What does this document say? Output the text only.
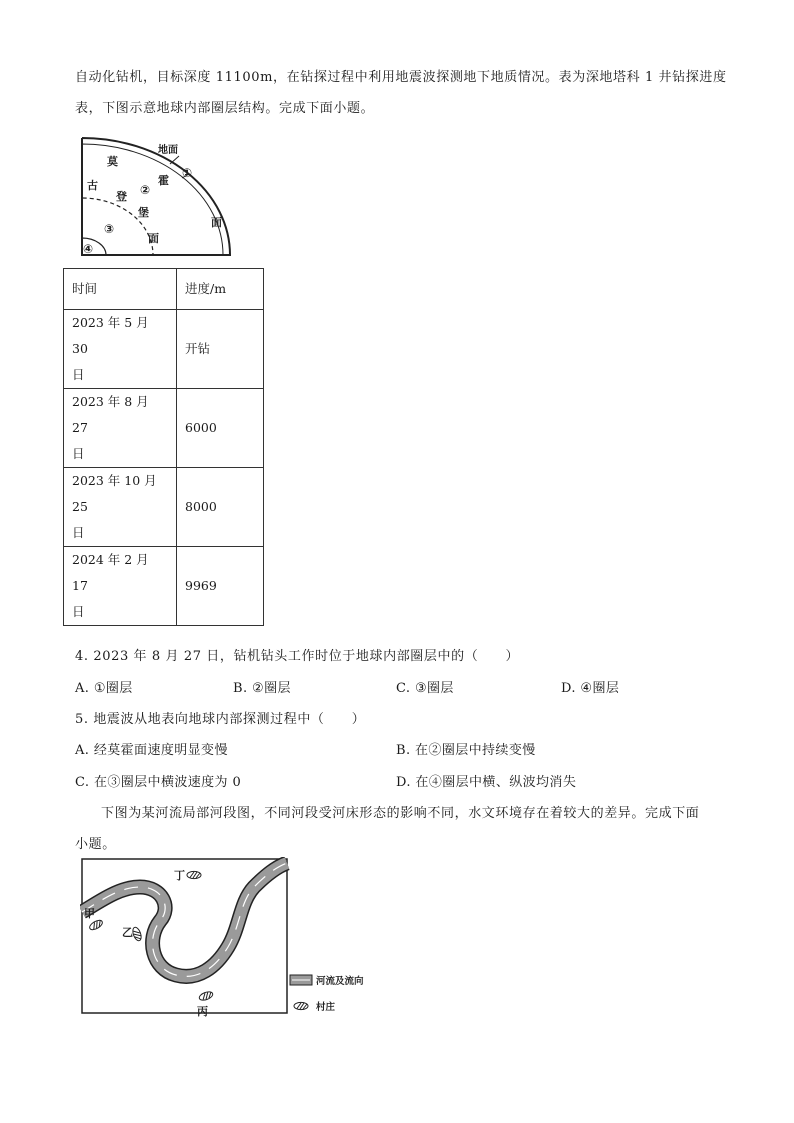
自动化钻机，目标深度 11100m，在钻探过程中利用地震波探测地下地质情况。表为深地塔科 1 井钻探进度
表，下图示意地球内部圈层结构。完成下面小题。
地面
①
莫
霍
面
②
古
登
堡
面
③
④
时间	进度/m
2023 年 5 月 30
日	开钻
2023 年 8 月 27
日	6000
2023 年 10 月 25
日	8000
2024 年 2 月 17
日	9969
4. 2023 年 8 月 27 日，钻机钻头工作时位于地球内部圈层中的（　　）
A. ①圈层	B. ②圈层	C. ③圈层	D. ④圈层
5. 地震波从地表向地球内部探测过程中（　　）
A. 经莫霍面速度明显变慢	B. 在②圈层中持续变慢
C. 在③圈层中横波速度为 0	D. 在④圈层中横、纵波均消失
下图为某河流局部河段图，不同河段受河床形态的影响不同，水文环境存在着较大的差异。完成下面
小题。
丁
甲
乙
丙
河流及流向
村庄
